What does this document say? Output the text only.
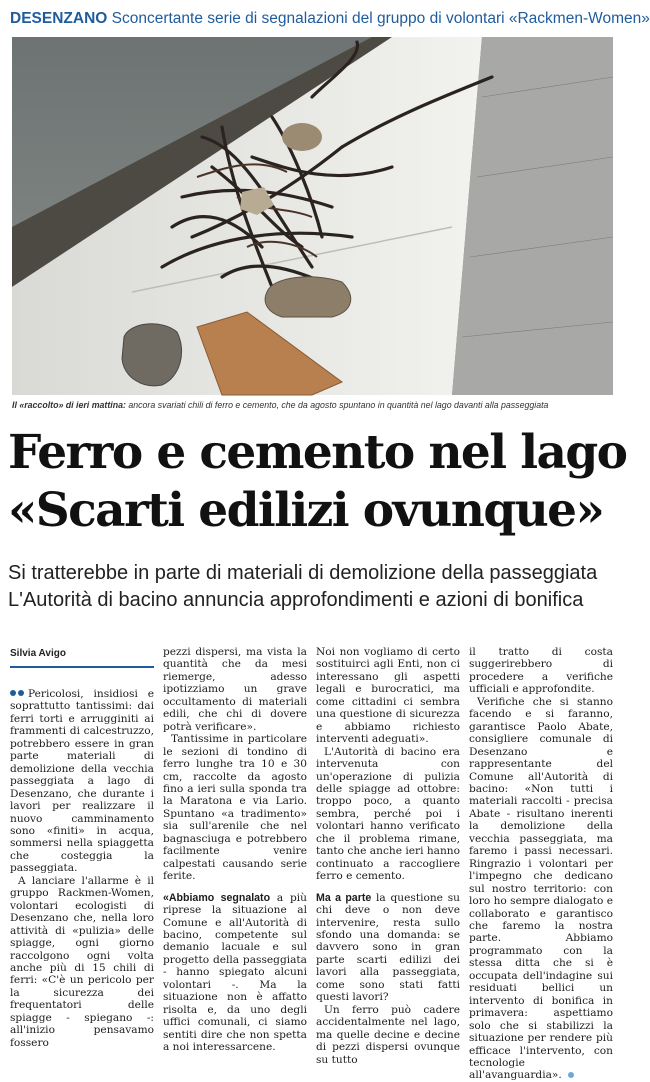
DESENZANO Sconcertante serie di segnalazioni del gruppo di volontari «Rackmen-Women»
Il «raccolto» di ieri mattina: ancora svariati chili di ferro e cemento, che da agosto spuntano in quantità nel lago davanti alla passeggiata
Ferro e cemento nel lago
«Scarti edilizi ovunque»
Si tratterebbe in parte di materiali di demolizione della passeggiata
L'Autorità di bacino annuncia approfondimenti e azioni di bonifica
Silvia Avigo

Pericolosi, insidiosi e soprattutto tantissimi: dai ferri torti e arrugginiti ai frammenti di calcestruzzo, potrebbero essere in gran parte materiali di demolizione della vecchia passeggiata a lago di Desenzano, che durante i lavori per realizzare il nuovo camminamento sono «finiti» in acqua, sommersi nella spiaggetta che costeggia la passeggiata.

A lanciare l'allarme è il gruppo Rackmen-Women, volontari ecologisti di Desenzano che, nella loro attività di «pulizia» delle spiagge, ogni giorno raccolgono ogni volta anche più di 15 chili di ferri: «C'è un pericolo per la sicurezza dei frequentatori delle spiagge - spiegano -: all'inizio pensavamo fossero

pezzi dispersi, ma vista la quantità che da mesi riemerge, adesso ipotizziamo un grave occultamento di materiali edili, che chi di dovere potrà verificare».

Tantissime in particolare le sezioni di tondino di ferro lunghe tra 10 e 30 cm, raccolte da agosto fino a ieri sulla sponda tra la Maratona e via Lario. Spuntano «a tradimento» sia sull'arenile che nel bagnasciuga e potrebbero facilmente venire calpestati causando serie ferite.

«Abbiamo segnalato a più riprese la situazione al Comune e all'Autorità di bacino, competente sul demanio lacuale e sul progetto della passeggiata - hanno spiegato alcuni volontari -. Ma la situazione non è affatto risolta e, da uno degli uffici comunali, ci siamo sentiti dire che non spetta a noi interessarcene.

Noi non vogliamo di certo sostituirci agli Enti, non ci interessano gli aspetti legali e burocratici, ma come cittadini ci sembra una questione di sicurezza e abbiamo richiesto interventi adeguati».

L'Autorità di bacino era intervenuta con un'operazione di pulizia delle spiagge ad ottobre: troppo poco, a quanto sembra, perché poi i volontari hanno verificato che il problema rimane, tanto che anche ieri hanno continuato a raccogliere ferro e cemento.

Ma a parte la questione su chi deve o non deve intervenire, resta sullo sfondo una domanda: se davvero sono in gran parte scarti edilizi dei lavori alla passeggiata, come sono stati fatti questi lavori?

Un ferro può cadere accidentalmente nel lago, ma quelle decine e decine di pezzi dispersi ovunque su tutto

il tratto di costa suggerirebbero di procedere a verifiche ufficiali e approfondite.

Verifiche che si stanno facendo e si faranno, garantisce Paolo Abate, consigliere comunale di Desenzano e rappresentante del Comune all'Autorità di bacino: «Non tutti i materiali raccolti - precisa Abate - risultano inerenti la demolizione della vecchia passeggiata, ma faremo i passi necessari. Ringrazio i volontari per l'impegno che dedicano sul nostro territorio: con loro ho sempre dialogato e collaborato e garantisco che faremo la nostra parte. Abbiamo programmato con la stessa ditta che si è occupata dell'indagine sui residuati bellici un intervento di bonifica in primavera: aspettiamo solo che si stabilizzi la situazione per rendere più efficace l'intervento, con tecnologie all'avanguardia».
